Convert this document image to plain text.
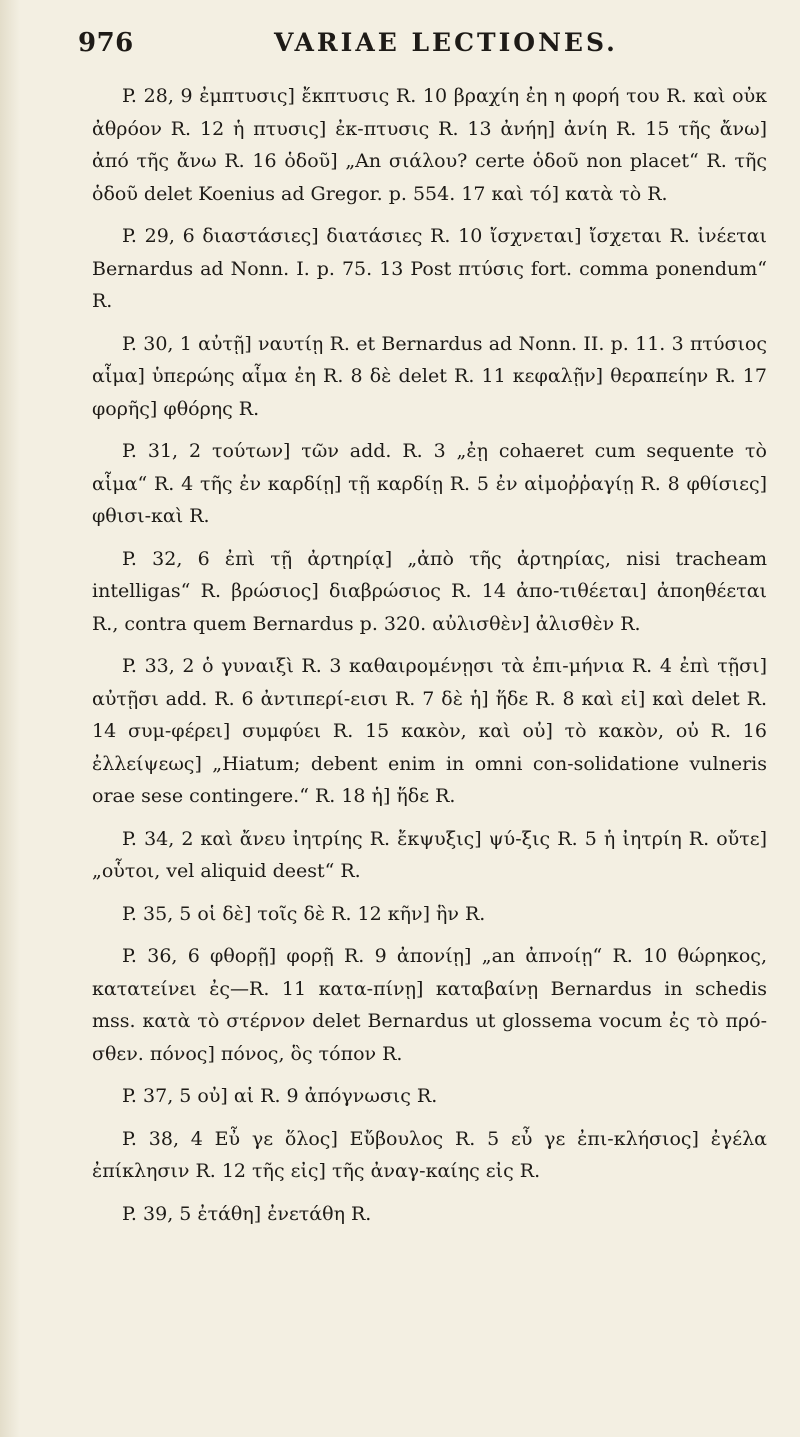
976	VARIAE LECTIONES.

P. 28, 9 ἐμπτυσις] ἔκπτυσις R. 10 βραχίη ἐη η φορή του R. καὶ οὐκ ἀθρόον R. 12 ἡ πτυσις] ἐκ-πτυσις R. 13 ἀνήη] ἀνίη R. 15 τῆς ἄνω] ἀπό τῆς ἄνω R. 16 ὁδοῦ] „An σιάλου? certe ὁδοῦ non placet“ R. τῆς ὁδοῦ delet Koenius ad Gregor. p. 554. 17 καὶ τό] κατὰ τὸ R.

P. 29, 6 διαστάσιες] διατάσιες R. 10 ἴσχνεται] ἴσχεται R. ἰνέεται Bernardus ad Nonn. I. p. 75. 13 Post πτύσις fort. comma ponendum“ R.

P. 30, 1 αὐτῇ] ναυτίῃ R. et Bernardus ad Nonn. II. p. 11. 3 πτύσιος αἷμα] ὑπερώης αἷμα ἐη R. 8 δὲ delet R. 11 κεφαλῇν] θεραπείην R. 17 φορῆς] φθόρης R.

P. 31, 2 τούτων] τῶν add. R. 3 „ἐῃ cohaeret cum sequente τὸ αἷμα“ R. 4 τῆς ἐν καρδίῃ] τῇ καρδίῃ R. 5 ἐν αἱμοῤῥαγίῃ R. 8 φθίσιες] φθισι-καὶ R.

P. 32, 6 ἐπὶ τῇ ἀρτηρίᾳ] „ἀπὸ τῆς ἀρτηρίας, nisi tracheam intelligas“ R. βρώσιος] διαβρώσιος R. 14 ἀπο-τιθέεται] ἀποηθέεται R., contra quem Bernardus p. 320. αὐλισθὲν] ἀλισθὲν R.

P. 33, 2 ὁ γυναιξὶ R. 3 καθαιρομένῃσι τὰ ἐπι-μήνια R. 4 ἐπὶ τῇσι] αὐτῇσι add. R. 6 ἀντιπερί-εισι R. 7 δὲ ἡ] ἥδε R. 8 καὶ εἰ] καὶ delet R. 14 συμ-φέρει] συμφύει R. 15 κακὸν, καὶ οὐ] τὸ κακὸν, οὐ R. 16 ἐλλείψεως] „Hiatum; debent enim in omni con-solidatione vulneris orae sese contingere.“ R. 18 ἡ] ἥδε R.

P. 34, 2 καὶ ἄνευ ἰητρίης R. ἔκψυξις] ψύ-ξις R. 5 ἡ ἰητρίη R. οὔτε] „οὗτοι, vel aliquid deest“ R.

P. 35, 5 οἱ δὲ] τοῖς δὲ R. 12 κῆν] ἣν R.

P. 36, 6 φθορῇ] φορῇ R. 9 ἀπονίῃ] „an ἀπνοίῃ“ R. 10 θώρηκος, κατατείνει ἐς—R. 11 κατα-πίνῃ] καταβαίνῃ Bernardus in schedis mss. κατὰ τὸ στέρνον delet Bernardus ut glossema vocum ἐς τὸ πρό-σθεν. πόνος] πόνος, ὃς τόπον R.

P. 37, 5 οὐ] αἱ R. 9 ἀπόγνωσις R.

P. 38, 4 Εὖ γε ὅλος] Εὔβουλος R. 5 εὖ γε ἐπι-κλήσιος] ἐγέλα ἐπίκλησιν R. 12 τῆς εἰς] τῆς ἀναγ-καίης εἰς R.

P. 39, 5 ἐτάθη] ἐνετάθη R.
